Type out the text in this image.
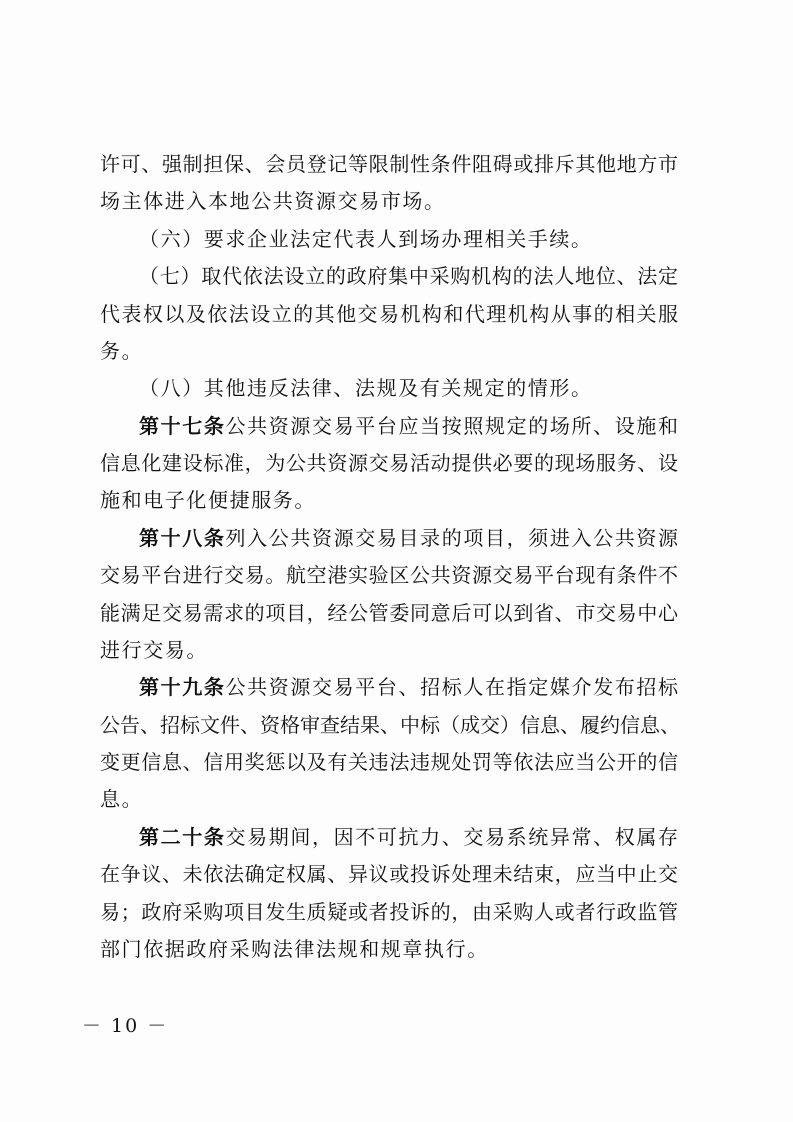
许可、强制担保、会员登记等限制性条件阻碍或排斥其他地方市
场主体进入本地公共资源交易市场。
（六）要求企业法定代表人到场办理相关手续。
（七）取代依法设立的政府集中采购机构的法人地位、法定
代表权以及依法设立的其他交易机构和代理机构从事的相关服
务。
（八）其他违反法律、法规及有关规定的情形。
第十七条公共资源交易平台应当按照规定的场所、设施和
信息化建设标准，为公共资源交易活动提供必要的现场服务、设
施和电子化便捷服务。
第十八条列入公共资源交易目录的项目，须进入公共资源
交易平台进行交易。航空港实验区公共资源交易平台现有条件不
能满足交易需求的项目，经公管委同意后可以到省、市交易中心
进行交易。
第十九条公共资源交易平台、招标人在指定媒介发布招标
公告、招标文件、资格审查结果、中标（成交）信息、履约信息、
变更信息、信用奖惩以及有关违法违规处罚等依法应当公开的信
息。
第二十条交易期间，因不可抗力、交易系统异常、权属存
在争议、未依法确定权属、异议或投诉处理未结束，应当中止交
易；政府采购项目发生质疑或者投诉的，由采购人或者行政监管
部门依据政府采购法律法规和规章执行。
－ 10 －
